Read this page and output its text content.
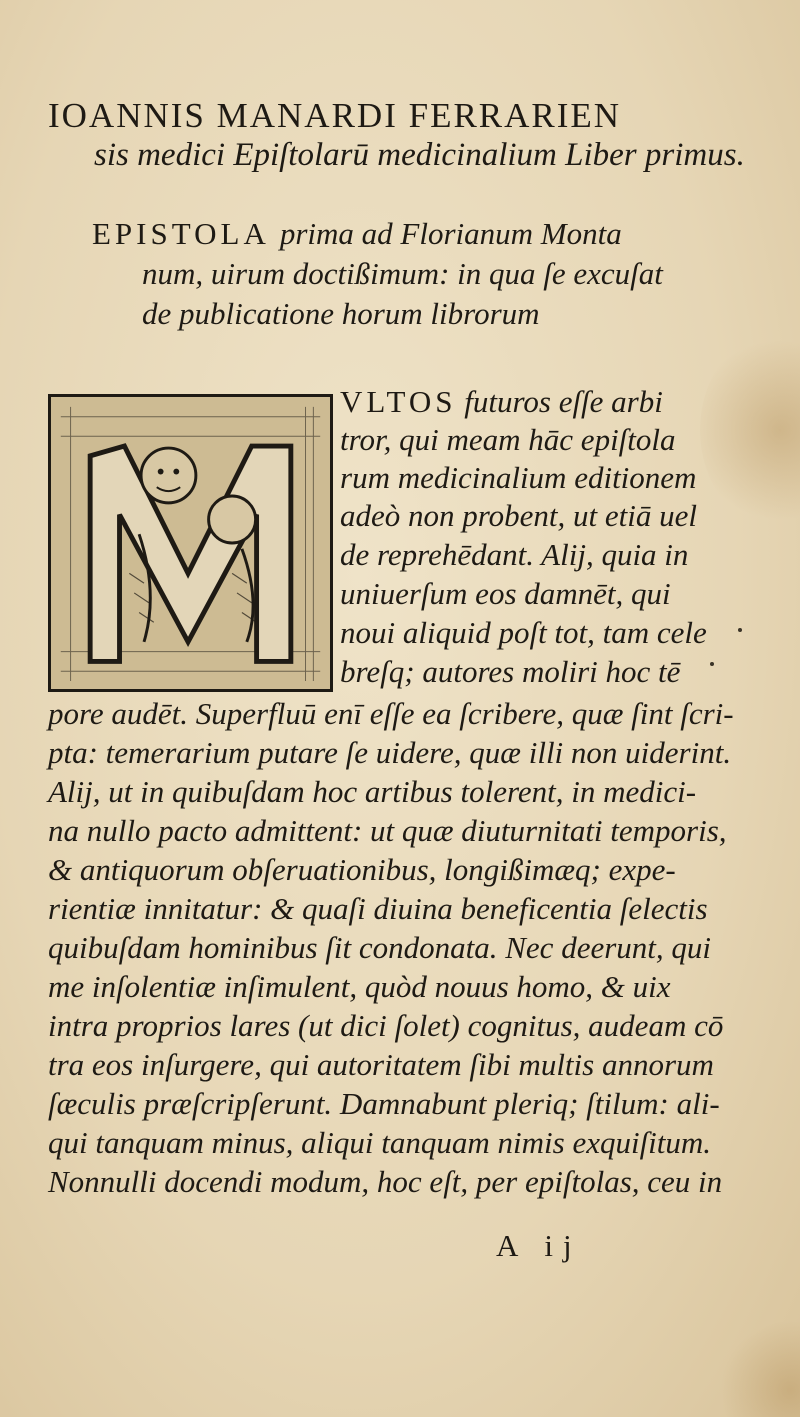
IOANNIS MANARDI FERRARIEN
sis medici Epiſtolarū medicinalium Liber primus.
EPISTOLA prima ad Florianum Monta
num, uirum doctißimum: in qua ſe excuſat
de publicatione horum librorum
VLTOS futuros eſſe arbi
tror, qui meam hāc epiſtola
rum medicinalium editionem
adeò non probent, ut etiā uel
de reprehēdant. Alij, quia in
uniuerſum eos damnēt, qui
noui aliquid poſt tot, tam cele
breſq; autores moliri hoc tē
pore audēt. Superfluū enī eſſe ea ſcribere, quæ ſint ſcri-
pta: temerarium putare ſe uidere, quæ illi non uiderint.
Alij, ut in quibuſdam hoc artibus tolerent, in medici-
na nullo pacto admittent: ut quæ diuturnitati temporis,
& antiquorum obſeruationibus, longißimæq; expe-
rientiæ innitatur: & quaſi diuina beneficentia ſelectis
quibuſdam hominibus ſit condonata. Nec deerunt, qui
me inſolentiæ inſimulent, quòd nouus homo, & uix
intra proprios lares (ut dici ſolet) cognitus, audeam cō
tra eos inſurgere, qui autoritatem ſibi multis annorum
ſæculis præſcripſerunt. Damnabunt pleriq; ſtilum: ali-
qui tanquam minus, aliqui tanquam nimis exquiſitum.
Nonnulli docendi modum, hoc eſt, per epiſtolas, ceu in
A ij
